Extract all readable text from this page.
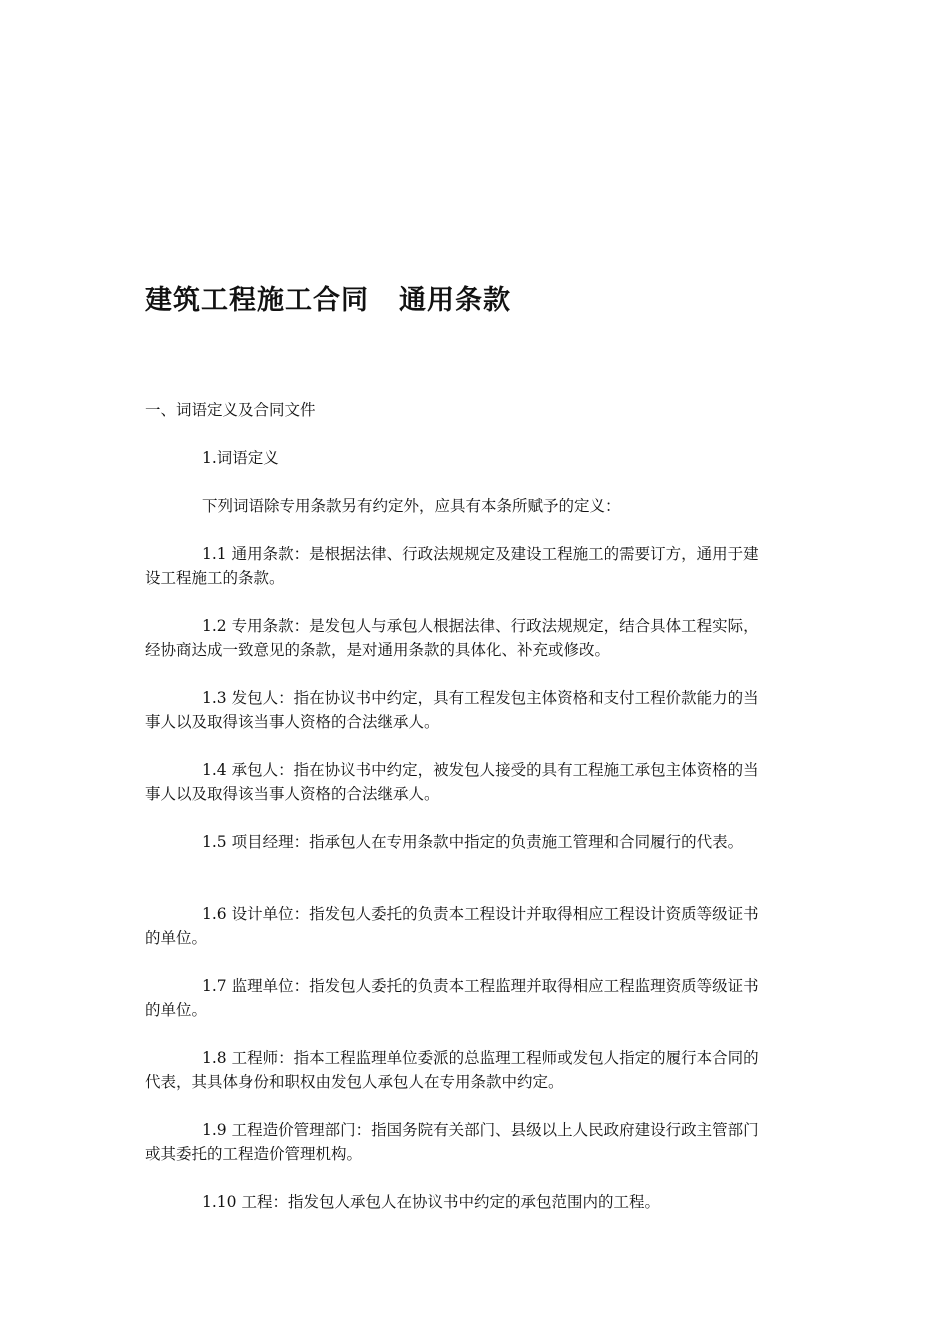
建筑工程施工合同 通用条款

一、词语定义及合同文件

1.词语定义

下列词语除专用条款另有约定外，应具有本条所赋予的定义：

1.1 通用条款：是根据法律、行政法规规定及建设工程施工的需要订方，通用于建

设工程施工的条款。

1.2 专用条款：是发包人与承包人根据法律、行政法规规定，结合具体工程实际，

经协商达成一致意见的条款，是对通用条款的具体化、补充或修改。

1.3 发包人：指在协议书中约定，具有工程发包主体资格和支付工程价款能力的当

事人以及取得该当事人资格的合法继承人。

1.4 承包人：指在协议书中约定，被发包人接受的具有工程施工承包主体资格的当

事人以及取得该当事人资格的合法继承人。

1.5 项目经理：指承包人在专用条款中指定的负责施工管理和合同履行的代表。

1.6 设计单位：指发包人委托的负责本工程设计并取得相应工程设计资质等级证书

的单位。

1.7 监理单位：指发包人委托的负责本工程监理并取得相应工程监理资质等级证书

的单位。

1.8 工程师：指本工程监理单位委派的总监理工程师或发包人指定的履行本合同的

代表，其具体身份和职权由发包人承包人在专用条款中约定。

1.9 工程造价管理部门：指国务院有关部门、县级以上人民政府建设行政主管部门

或其委托的工程造价管理机构。

1.10 工程：指发包人承包人在协议书中约定的承包范围内的工程。
